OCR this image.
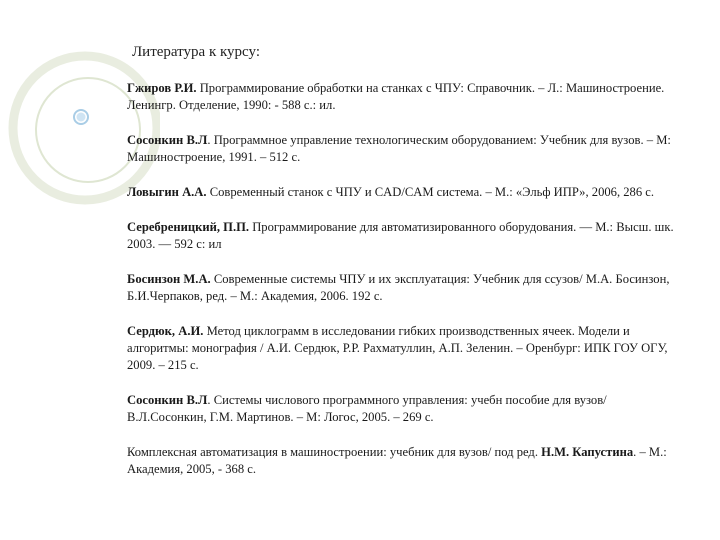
Литература к курсу:

Гжиров Р.И. Программирование обработки на станках с ЧПУ: Справочник. – Л.: Машиностроение. Ленингр. Отделение, 1990: - 588 с.: ил.

Сосонкин В.Л. Программное управление технологическим оборудованием: Учебник для вузов. – М: Машиностроение, 1991. – 512 с.

Ловыгин А.А. Современный станок с ЧПУ и CAD/CAM система. – М.: «Эльф ИПР», 2006, 286 с.

Серебреницкий, П.П. Программирование для автоматизированного оборудования. — М.: Высш. шк. 2003. — 592 с: ил

Босинзон М.А. Современные системы ЧПУ и их эксплуатация: Учебник для ссузов/ М.А. Босинзон, Б.И.Черпаков, ред. – М.: Академия, 2006. 192 с.

Сердюк, А.И. Метод циклограмм в исследовании гибких производственных ячеек. Модели и алгоритмы: монография / А.И. Сердюк, Р.Р. Рахматуллин, А.П. Зеленин. – Оренбург: ИПК ГОУ ОГУ, 2009. – 215 с.

Сосонкин В.Л. Системы числового программного управления: учебн пособие для вузов/ В.Л.Сосонкин, Г.М. Мартинов. – М: Логос, 2005. – 269 с.

Комплексная автоматизация в машиностроении: учебник для вузов/ под ред. Н.М. Капустина. – М.: Академия, 2005, - 368 с.
